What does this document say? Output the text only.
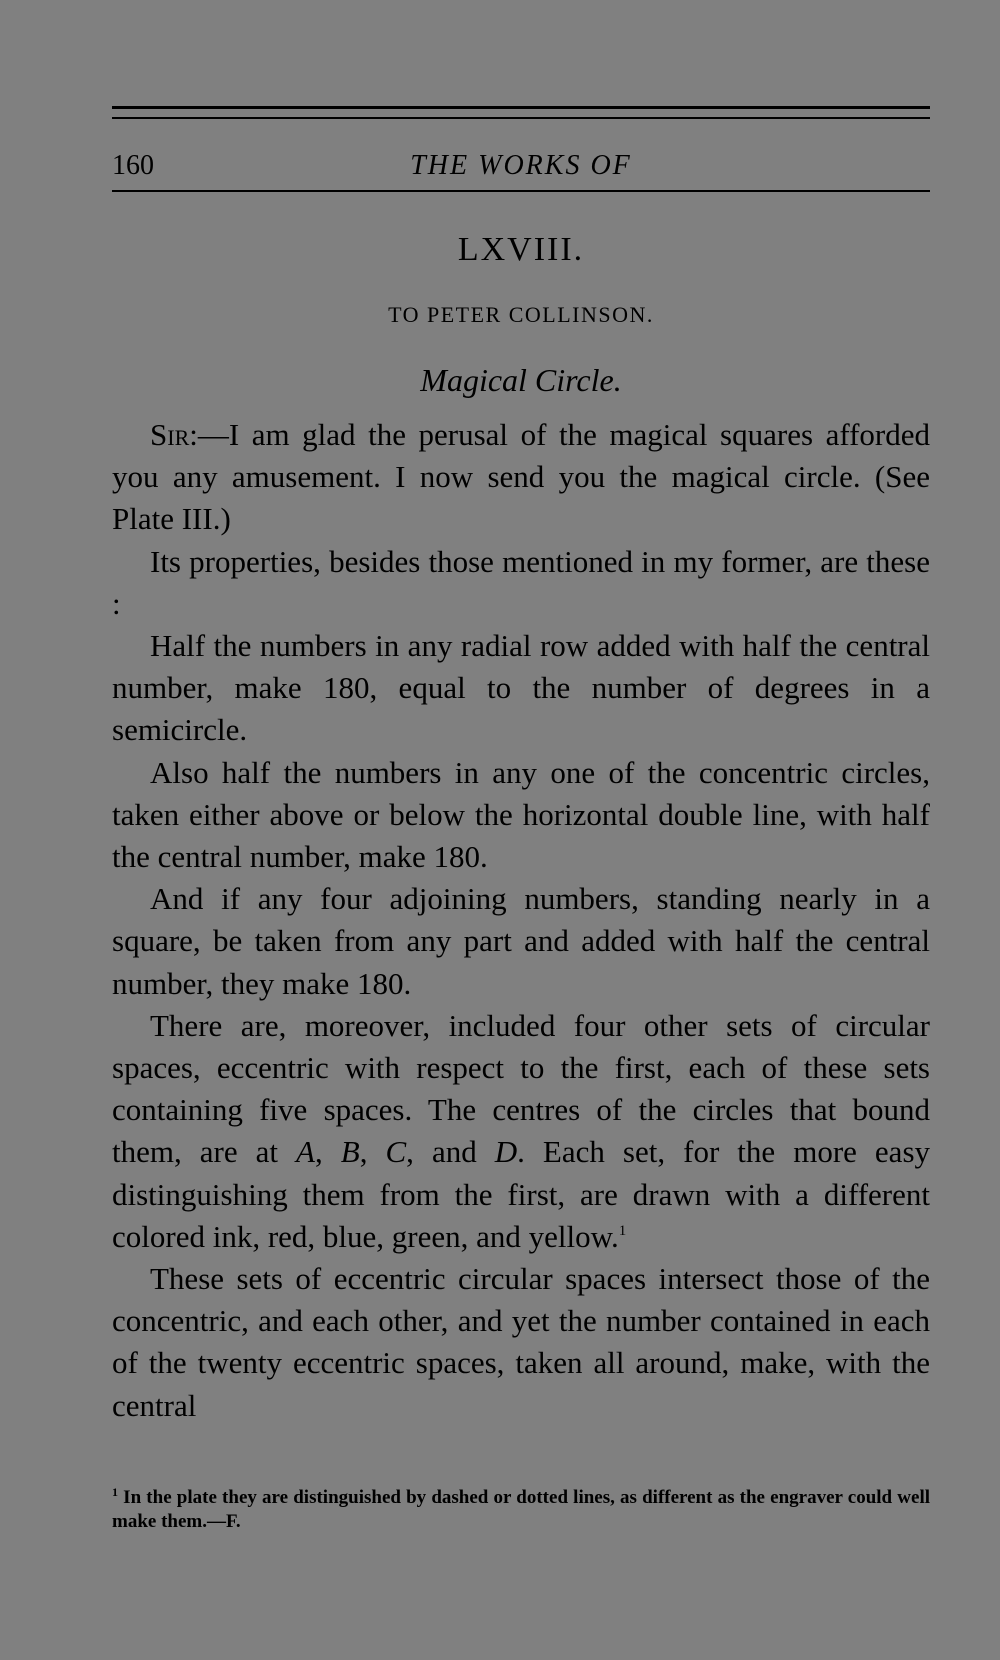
160	THE WORKS OF
LXVIII.
TO PETER COLLINSON.
Magical Circle.

Sir:—I am glad the perusal of the magical squares afforded you any amusement. I now send you the magical circle. (See Plate III.)

Its properties, besides those mentioned in my former, are these :

Half the numbers in any radial row added with half the central number, make 180, equal to the number of degrees in a semicircle.

Also half the numbers in any one of the concentric circles, taken either above or below the horizontal double line, with half the central number, make 180.

And if any four adjoining numbers, standing nearly in a square, be taken from any part and added with half the central number, they make 180.

There are, moreover, included four other sets of circular spaces, eccentric with respect to the first, each of these sets containing five spaces. The centres of the circles that bound them, are at A, B, C, and D. Each set, for the more easy distinguishing them from the first, are drawn with a different colored ink, red, blue, green, and yellow.$^1$

These sets of eccentric circular spaces intersect those of the concentric, and each other, and yet the number contained in each of the twenty eccentric spaces, taken all around, make, with the central

$^1$ In the plate they are distinguished by dashed or dotted lines, as different as the engraver could well make them.—F.
